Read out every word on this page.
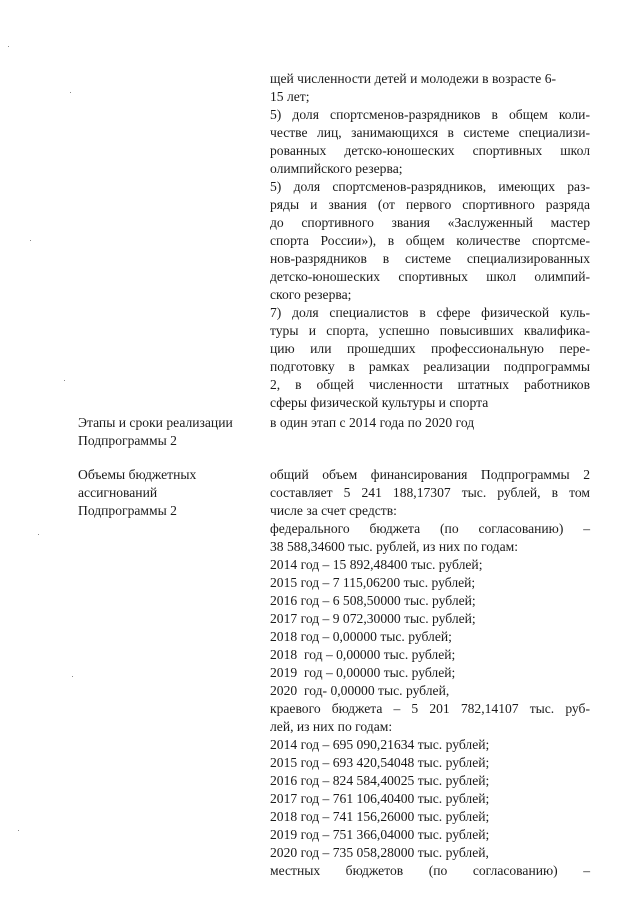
щей численности детей и молодежи в возрасте 6-
15 лет;
5) доля спортсменов-разрядников в общем коли-
честве лиц, занимающихся в системе специализи-
рованных детско-юношеских спортивных школ
олимпийского резерва;
5) доля спортсменов-разрядников, имеющих раз-
ряды и звания (от первого спортивного разряда
до спортивного звания «Заслуженный мастер
спорта России»), в общем количестве спортсме-
нов-разрядников в системе специализированных
детско-юношеских спортивных школ олимпий-
ского резерва;
7) доля специалистов в сфере физической куль-
туры и спорта, успешно повысивших квалифика-
цию или прошедших профессиональную пере-
подготовку в рамках реализации подпрограммы
2, в общей численности штатных работников
сферы физической культуры и спорта
Этапы и сроки реализации
Подпрограммы 2
в один этап с 2014 года по 2020 год
Объемы бюджетных
ассигнований
Подпрограммы 2
общий объем финансирования Подпрограммы 2
составляет 5 241 188,17307 тыс. рублей, в том
числе за счет средств:
федерального бюджета (по согласованию) –
38 588,34600 тыс. рублей, из них по годам:
2014 год – 15 892,48400 тыс. рублей;
2015 год – 7 115,06200 тыс. рублей;
2016 год – 6 508,50000 тыс. рублей;
2017 год – 9 072,30000 тыс. рублей;
2018 год – 0,00000 тыс. рублей;
2018  год – 0,00000 тыс. рублей;
2019  год – 0,00000 тыс. рублей;
2020  год- 0,00000 тыс. рублей,
краевого бюджета – 5 201 782,14107 тыс. руб-
лей, из них по годам:
2014 год – 695 090,21634 тыс. рублей;
2015 год – 693 420,54048 тыс. рублей;
2016 год – 824 584,40025 тыс. рублей;
2017 год – 761 106,40400 тыс. рублей;
2018 год – 741 156,26000 тыс. рублей;
2019 год – 751 366,04000 тыс. рублей;
2020 год – 735 058,28000 тыс. рублей,
местных бюджетов (по согласованию) –
